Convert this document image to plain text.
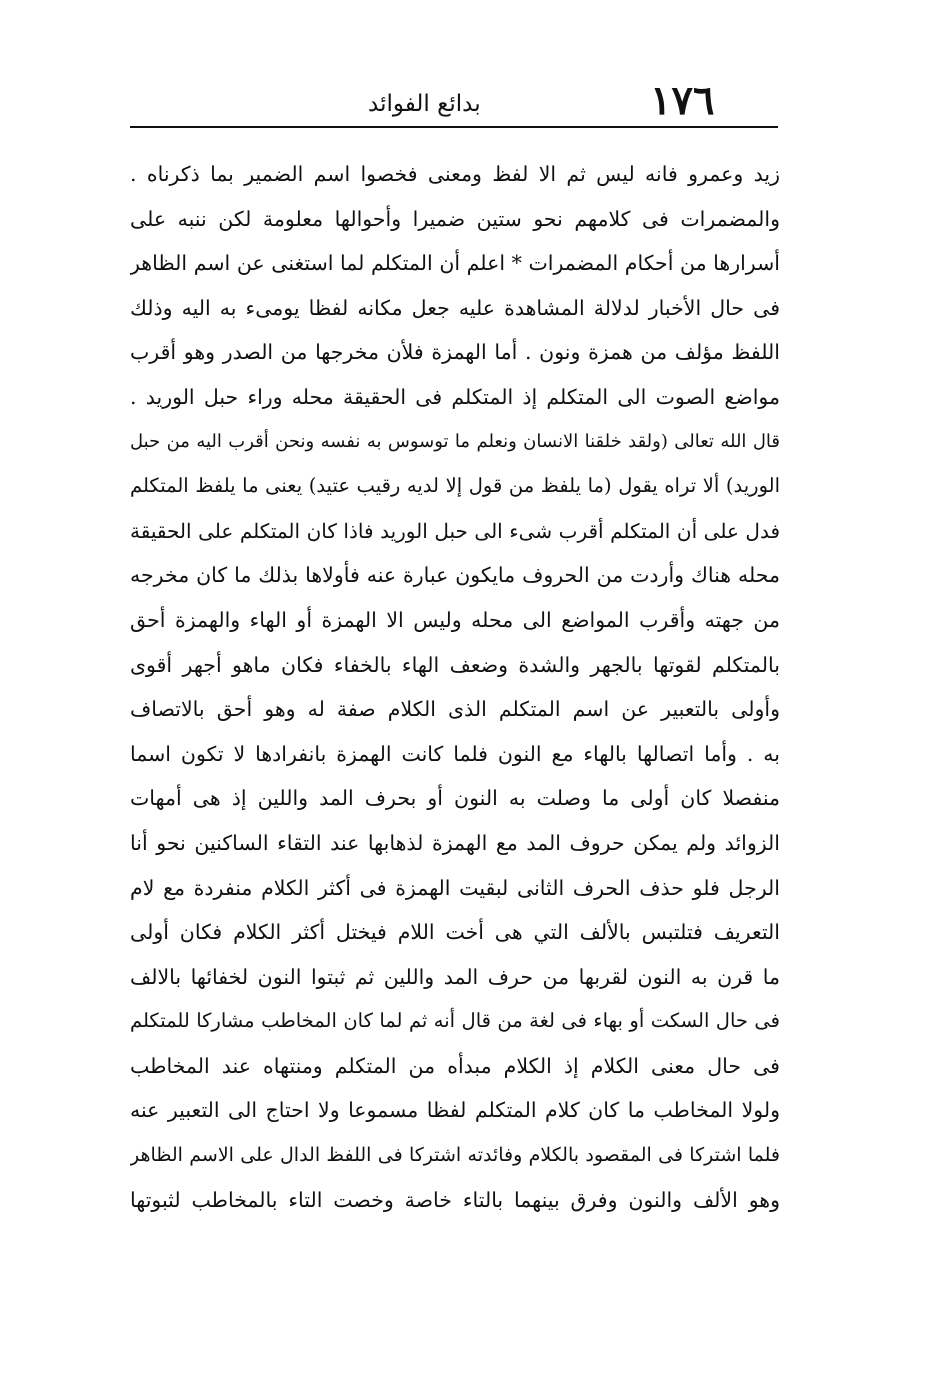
١٧٦
بدائع الفوائد
زيد وعمرو فانه ليس ثم الا لفظ ومعنى فخصوا اسم الضمير بما ذكرناه .
والمضمرات فى كلامهم نحو ستين ضميرا وأحوالها معلومة لكن ننبه على
أسرارها من أحكام المضمرات * اعلم أن المتكلم لما استغنى عن اسم الظاهر
فى حال الأخبار لدلالة المشاهدة عليه جعل مكانه لفظا يومىء به اليه وذلك
اللفظ مؤلف من همزة ونون . أما الهمزة فلأن مخرجها من الصدر وهو أقرب
مواضع الصوت الى المتكلم إذ المتكلم فى الحقيقة محله وراء حبل الوريد .
قال الله تعالى (ولقد خلقنا الانسان ونعلم ما توسوس به نفسه ونحن أقرب اليه من حبل
الوريد) ألا تراه يقول (ما يلفظ من قول إلا لديه رقيب عتيد) يعنى ما يلفظ المتكلم
فدل على أن المتكلم أقرب شىء الى حبل الوريد فاذا كان المتكلم على الحقيقة
محله هناك وأردت من الحروف مايكون عبارة عنه فأولاها بذلك ما كان مخرجه
من جهته وأقرب المواضع الى محله وليس الا الهمزة أو الهاء والهمزة أحق
بالمتكلم لقوتها بالجهر والشدة وضعف الهاء بالخفاء فكان ماهو أجهر أقوى
وأولى بالتعبير عن اسم المتكلم الذى الكلام صفة له وهو أحق بالاتصاف
به . وأما اتصالها بالهاء مع النون فلما كانت الهمزة بانفرادها لا تكون اسما
منفصلا كان أولى ما وصلت به النون أو بحرف المد واللين إذ هى أمهات
الزوائد ولم يمكن حروف المد مع الهمزة لذهابها عند التقاء الساكنين نحو أنا
الرجل فلو حذف الحرف الثانى لبقيت الهمزة فى أكثر الكلام منفردة مع لام
التعريف فتلتبس بالألف التي هى أخت اللام فيختل أكثر الكلام فكان أولى
ما قرن به النون لقربها من حرف المد واللين ثم ثبتوا النون لخفائها بالالف
فى حال السكت أو بهاء فى لغة من قال أنه ثم لما كان المخاطب مشاركا للمتكلم
فى حال معنى الكلام إذ الكلام مبدأه من المتكلم ومنتهاه عند المخاطب
ولولا المخاطب ما كان كلام المتكلم لفظا مسموعا ولا احتاج الى التعبير عنه
فلما اشتركا فى المقصود بالكلام وفائدته اشتركا فى اللفظ الدال على الاسم الظاهر
وهو الألف والنون وفرق بينهما بالتاء خاصة وخصت التاء بالمخاطب لثبوتها
